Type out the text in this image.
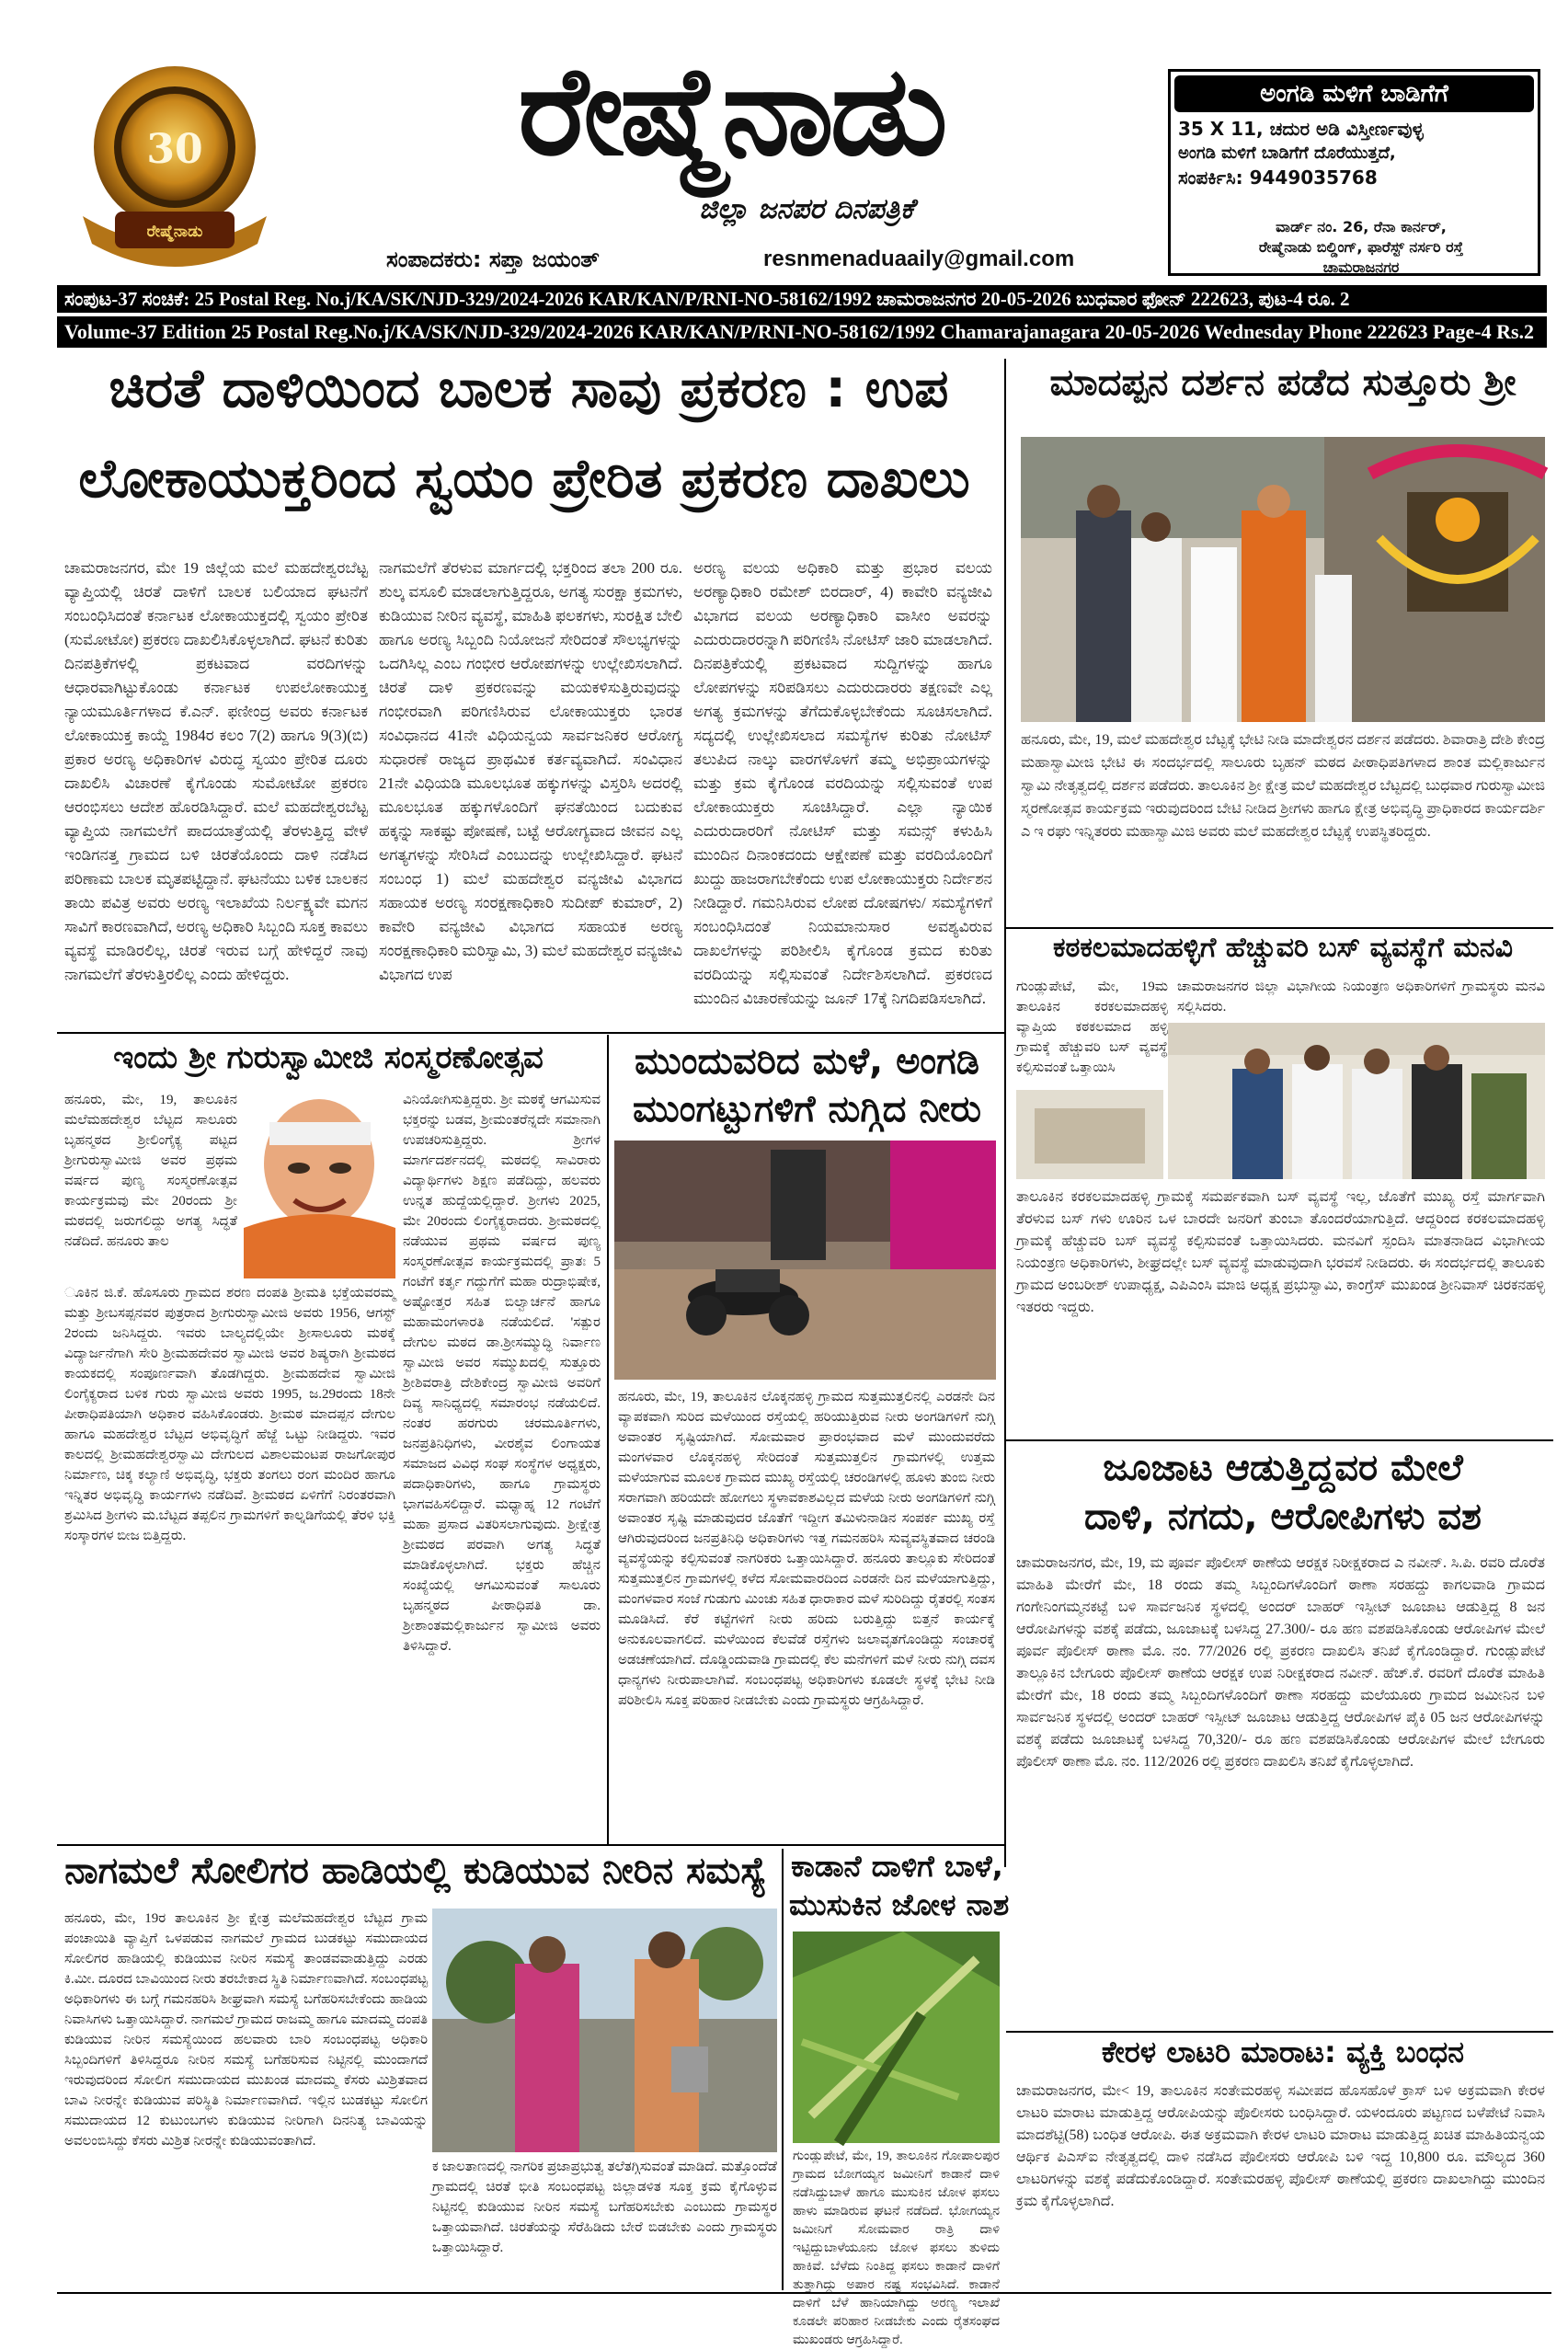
30
ರೇಷ್ಮೆನಾಡು
ರೇಷ್ಮೆನಾಡು
ಜಿಲ್ಲಾ ಜನಪರ ದಿನಪತ್ರಿಕೆ
ಸಂಪಾದಕರು: ಸಪ್ತಾ ಜಯಂತ್	resnmenaduaaily@gmail.com
ಅಂಗಡಿ ಮಳಿಗೆ ಬಾಡಿಗೆಗೆ
35 X 11, ಚದುರ ಅಡಿ ವಿಸ್ತೀರ್ಣವುಳ್ಳ
ಅಂಗಡಿ ಮಳಿಗೆ ಬಾಡಿಗೆಗೆ ದೊರೆಯುತ್ತದೆ,
ಸಂಪರ್ಕಿಸಿ: 9449035768
ವಾರ್ಡ್ ನಂ. 26, ರೆನಾ ಕಾರ್ನರ್,
ರೇಷ್ಮೆನಾಡು ಬಿಲ್ಡಿಂಗ್, ಫಾರೆಸ್ಟ್ ನರ್ಸರಿ ರಸ್ತೆ
ಚಾಮರಾಜನಗರ
ಸಂಪುಟ-37 ಸಂಚಿಕೆ: 25 Postal Reg. No.j/KA/SK/NJD-329/2024-2026 KAR/KAN/P/RNI-NO-58162/1992 ಚಾಮರಾಜನಗರ 20-05-2026 ಬುಧವಾರ ಫೋನ್ 222623, ಪುಟ-4 ರೂ. 2
Volume-37 Edition 25 Postal Reg.No.j/KA/SK/NJD-329/2024-2026 KAR/KAN/P/RNI-NO-58162/1992 Chamarajanagara 20-05-2026 Wednesday Phone 222623 Page-4 Rs.2
ಚಿರತೆ ದಾಳಿಯಿಂದ ಬಾಲಕ ಸಾವು ಪ್ರಕರಣ : ಉಪ
ಲೋಕಾಯುಕ್ತರಿಂದ ಸ್ವಯಂ ಪ್ರೇರಿತ ಪ್ರಕರಣ ದಾಖಲು
ಚಾಮರಾಜನಗರ, ಮೇ 19 ಜಿಲ್ಲೆಯ ಮಲೆ ಮಹದೇಶ್ವರಬೆಟ್ಟ ವ್ಯಾಪ್ತಿಯಲ್ಲಿ ಚಿರತೆ ದಾಳಿಗೆ ಬಾಲಕ ಬಲಿಯಾದ ಘಟನೆಗೆ ಸಂಬಂಧಿಸಿದಂತೆ ಕರ್ನಾಟಕ ಲೋಕಾಯುಕ್ತದಲ್ಲಿ ಸ್ವಯಂ ಪ್ರೇರಿತ (ಸುಮೋಟೋ) ಪ್ರಕರಣ ದಾಖಲಿಸಿಕೊಳ್ಳಲಾಗಿದೆ. ಘಟನೆ ಕುರಿತು ದಿನಪತ್ರಿಕೆಗಳಲ್ಲಿ ಪ್ರಕಟವಾದ ವರದಿಗಳನ್ನು ಆಧಾರವಾಗಿಟ್ಟುಕೊಂಡು ಕರ್ನಾಟಕ ಉಪಲೋಕಾಯುಕ್ತ ನ್ಯಾಯಮೂರ್ತಿಗಳಾದ ಕೆ.ಎನ್. ಫಣೀಂದ್ರ ಅವರು ಕರ್ನಾಟಕ ಲೋಕಾಯುಕ್ತ ಕಾಯ್ದೆ 1984ರ ಕಲಂ 7(2) ಹಾಗೂ 9(3)(ಬಿ) ಪ್ರಕಾರ ಅರಣ್ಯ ಅಧಿಕಾರಿಗಳ ವಿರುದ್ಧ ಸ್ವಯಂ ಪ್ರೇರಿತ ದೂರು ದಾಖಲಿಸಿ ವಿಚಾರಣೆ ಕೈಗೊಂಡು ಸುಮೋಟೋ ಪ್ರಕರಣ ಆರಂಭಿಸಲು ಆದೇಶ ಹೊರಡಿಸಿದ್ದಾರೆ. ಮಲೆ ಮಹದೇಶ್ವರಬೆಟ್ಟ ವ್ಯಾಪ್ತಿಯ ನಾಗಮಲೆಗೆ ಪಾದಯಾತ್ರೆಯಲ್ಲಿ ತೆರಳುತ್ತಿದ್ದ ವೇಳೆ ಇಂಡಿಗನತ್ತ ಗ್ರಾಮದ ಬಳಿ ಚಿರತೆಯೊಂದು ದಾಳಿ ನಡೆಸಿದ ಪರಿಣಾಮ ಬಾಲಕ ಮೃತಪಟ್ಟಿದ್ದಾನೆ. ಘಟನೆಯು ಬಳಿಕ ಬಾಲಕನ ತಾಯಿ ಪವಿತ್ರ ಅವರು ಅರಣ್ಯ ಇಲಾಖೆಯ ನಿರ್ಲಕ್ಷ್ಯವೇ ಮಗನ ಸಾವಿಗೆ ಕಾರಣವಾಗಿದೆ, ಅರಣ್ಯ ಅಧಿಕಾರಿ ಸಿಬ್ಬಂದಿ ಸೂಕ್ತ ಕಾವಲು ವ್ಯವಸ್ಥೆ ಮಾಡಿರಲಿಲ್ಲ, ಚಿರತೆ ಇರುವ ಬಗ್ಗೆ ಹೇಳಿದ್ದರೆ ನಾವು ನಾಗಮಲೆಗೆ ತೆರಳುತ್ತಿರಲಿಲ್ಲ ಎಂದು ಹೇಳಿದ್ದರು.
ನಾಗಮಲೆಗೆ ತೆರಳುವ ಮಾರ್ಗದಲ್ಲಿ ಭಕ್ತರಿಂದ ತಲಾ 200 ರೂ. ಶುಲ್ಕ ವಸೂಲಿ ಮಾಡಲಾಗುತ್ತಿದ್ದರೂ, ಅಗತ್ಯ ಸುರಕ್ಷಾ ಕ್ರಮಗಳು, ಕುಡಿಯುವ ನೀರಿನ ವ್ಯವಸ್ಥೆ, ಮಾಹಿತಿ ಫಲಕಗಳು, ಸುರಕ್ಷಿತ ಬೇಲಿ ಹಾಗೂ ಅರಣ್ಯ ಸಿಬ್ಬಂದಿ ನಿಯೋಜನೆ ಸೇರಿದಂತೆ ಸೌಲಭ್ಯಗಳನ್ನು ಒದಗಿಸಿಲ್ಲ ಎಂಬ ಗಂಭೀರ ಆರೋಪಗಳನ್ನು ಉಲ್ಲೇಖಿಸಲಾಗಿದೆ. ಚಿರತೆ ದಾಳಿ ಪ್ರಕರಣವನ್ನು ಮಯಕಳಿಸುತ್ತಿರುವುದನ್ನು ಗಂಭೀರವಾಗಿ ಪರಿಗಣಿಸಿರುವ ಲೋಕಾಯುಕ್ತರು ಭಾರತ ಸಂವಿಧಾನದ 41ನೇ ವಿಧಿಯನ್ವಯ ಸಾರ್ವಜನಿಕರ ಆರೋಗ್ಯ ಸುಧಾರಣೆ ರಾಜ್ಯದ ಪ್ರಾಥಮಿಕ ಕರ್ತವ್ಯವಾಗಿದೆ. ಸಂವಿಧಾನ 21ನೇ ವಿಧಿಯಡಿ ಮೂಲಭೂತ ಹಕ್ಕುಗಳನ್ನು ವಿಸ್ತರಿಸಿ ಅದರಲ್ಲಿ ಮೂಲಭೂತ ಹಕ್ಕುಗಳೊಂದಿಗೆ ಘನತೆಯಿಂದ ಬದುಕುವ ಹಕ್ಕನ್ನು ಸಾಕಷ್ಟು ಪೋಷಣೆ, ಬಟ್ಟೆ ಆರೋಗ್ಯವಾದ ಜೀವನ ಎಲ್ಲ ಅಗತ್ಯಗಳನ್ನು ಸೇರಿಸಿದೆ ಎಂಬುದನ್ನು ಉಲ್ಲೇಖಿಸಿದ್ದಾರೆ. ಘಟನೆ ಸಂಬಂಧ 1) ಮಲೆ ಮಹದೇಶ್ವರ ವನ್ಯಜೀವಿ ವಿಭಾಗದ ಸಹಾಯಕ ಅರಣ್ಯ ಸಂರಕ್ಷಣಾಧಿಕಾರಿ ಸುದೀಪ್ ಕುಮಾರ್, 2) ಕಾವೇರಿ ವನ್ಯಜೀವಿ ವಿಭಾಗದ ಸಹಾಯಕ ಅರಣ್ಯ ಸಂರಕ್ಷಣಾಧಿಕಾರಿ ಮರಿಸ್ವಾಮಿ, 3) ಮಲೆ ಮಹದೇಶ್ವರ ವನ್ಯಜೀವಿ ವಿಭಾಗದ ಉಪ
ಅರಣ್ಯ ವಲಯ ಅಧಿಕಾರಿ ಮತ್ತು ಪ್ರಭಾರ ವಲಯ ಅರಣ್ಯಾಧಿಕಾರಿ ರಮೇಶ್ ಬಿರದಾರ್, 4) ಕಾವೇರಿ ವನ್ಯಜೀವಿ ವಿಭಾಗದ ವಲಯ ಅರಣ್ಯಾಧಿಕಾರಿ ವಾಸೀಂ ಅವರನ್ನು ಎದುರುದಾರರನ್ನಾಗಿ ಪರಿಗಣಿಸಿ ನೋಟಿಸ್ ಜಾರಿ ಮಾಡಲಾಗಿದೆ. ದಿನಪತ್ರಿಕೆಯಲ್ಲಿ ಪ್ರಕಟವಾದ ಸುದ್ದಿಗಳನ್ನು ಹಾಗೂ ಲೋಪಗಳನ್ನು ಸರಿಪಡಿಸಲು ಎದುರುದಾರರು ತಕ್ಷಣವೇ ಎಲ್ಲ ಅಗತ್ಯ ಕ್ರಮಗಳನ್ನು ತೆಗೆದುಕೊಳ್ಳಬೇಕೆಂದು ಸೂಚಿಸಲಾಗಿದೆ. ಸದ್ಯದಲ್ಲಿ ಉಲ್ಲೇಖಿಸಲಾದ ಸಮಸ್ಯೆಗಳ ಕುರಿತು ನೋಟಿಸ್ ತಲುಪಿದ ನಾಲ್ಕು ವಾರಗಳೊಳಗೆ ತಮ್ಮ ಅಭಿಪ್ರಾಯಗಳನ್ನು ಮತ್ತು ಕ್ರಮ ಕೈಗೊಂಡ ವರದಿಯನ್ನು ಸಲ್ಲಿಸುವಂತೆ ಉಪ ಲೋಕಾಯುಕ್ತರು ಸೂಚಿಸಿದ್ದಾರೆ. ಎಲ್ಲಾ ನ್ಯಾಯಿಕ ಎದುರುದಾರರಿಗೆ ನೋಟಿಸ್ ಮತ್ತು ಸಮನ್ಸ್ ಕಳುಹಿಸಿ ಮುಂದಿನ ದಿನಾಂಕದಂದು ಆಕ್ಷೇಪಣೆ ಮತ್ತು ವರದಿಯೊಂದಿಗೆ ಖುದ್ದು ಹಾಜರಾಗಬೇಕೆಂದು ಉಪ ಲೋಕಾಯುಕ್ತರು ನಿರ್ದೇಶನ ನೀಡಿದ್ದಾರೆ. ಗಮನಿಸಿರುವ ಲೋಪ ದೋಷಗಳು/ ಸಮಸ್ಯೆಗಳಿಗೆ ಸಂಬಂಧಿಸಿದಂತೆ ನಿಯಮಾನುಸಾರ ಅವಶ್ಯವಿರುವ ದಾಖಲೆಗಳನ್ನು ಪರಿಶೀಲಿಸಿ ಕೈಗೊಂಡ ಕ್ರಮದ ಕುರಿತು ವರದಿಯನ್ನು ಸಲ್ಲಿಸುವಂತೆ ನಿರ್ದೇಶಿಸಲಾಗಿದೆ. ಪ್ರಕರಣದ ಮುಂದಿನ ವಿಚಾರಣೆಯನ್ನು ಜೂನ್ 17ಕ್ಕೆ ನಿಗದಿಪಡಿಸಲಾಗಿದೆ.
ಮಾದಪ್ಪನ ದರ್ಶನ ಪಡೆದ ಸುತ್ತೂರು ಶ್ರೀ
ಹನೂರು, ಮೇ, 19, ಮಲೆ ಮಹದೇಶ್ವರ ಬೆಟ್ಟಕ್ಕೆ ಭೇಟಿ ನೀಡಿ ಮಾದೇಶ್ವರನ ದರ್ಶನ ಪಡೆದರು. ಶಿವಾರಾತ್ರಿ ದೇಶಿ ಕೇಂದ್ರ ಮಹಾಸ್ವಾಮೀಜಿ ಭೇಟಿ ಈ ಸಂದರ್ಭದಲ್ಲಿ ಸಾಲೂರು ಬೃಹನ್ ಮಠದ ಪೀಠಾಧಿಪತಿಗಳಾದ ಶಾಂತ ಮಲ್ಲಿಕಾರ್ಜುನ ಸ್ವಾಮಿ ನೇತೃತ್ವದಲ್ಲಿ ದರ್ಶನ ಪಡೆದರು. ತಾಲೂಕಿನ ಶ್ರೀ ಕ್ಷೇತ್ರ ಮಲೆ ಮಹದೇಶ್ವರ ಬೆಟ್ಟದಲ್ಲಿ ಬುಧವಾರ ಗುರುಸ್ವಾಮೀಜಿ ಸ್ಮರಣೋತ್ಸವ ಕಾರ್ಯಕ್ರಮ ಇರುವುದರಿಂದ ಬೇಟಿ ನೀಡಿದ ಶ್ರೀಗಳು ಹಾಗೂ ಕ್ಷೇತ್ರ ಅಭಿವೃದ್ಧಿ ಪ್ರಾಧಿಕಾರದ ಕಾರ್ಯದರ್ಶಿ ಎ ಇ ರಘು ಇನ್ನಿತರರು ಮಹಾಸ್ವಾಮಿಜಿ ಅವರು ಮಲೆ ಮಹದೇಶ್ವರ ಬೆಟ್ಟಕ್ಕೆ ಉಪಸ್ಥಿತರಿದ್ದರು.
ಕಠಕಲಮಾದಹಳ್ಳಿಗೆ ಹೆಚ್ಚುವರಿ ಬಸ್ ವ್ಯವಸ್ಥೆಗೆ ಮನವಿ
ಗುಂಡ್ಲುಪೇಟೆ, ಮೇ, 19ಮ ತಾಲೂಕಿನ ಕರಕಲಮಾದಹಳ್ಳಿ ವ್ಯಾಪ್ತಿಯ ಕಠಕಲಮಾದ ಹಳ್ಳಿ ಗ್ರಾಮಕ್ಕೆ ಹೆಚ್ಚುವರಿ ಬಸ್ ವ್ಯವಸ್ಥೆ ಕಲ್ಪಿಸುವಂತೆ ಒತ್ತಾಯಿಸಿ
ಚಾಮರಾಜನಗರ ಜಿಲ್ಲಾ ವಿಭಾಗೀಯ ನಿಯಂತ್ರಣ ಅಧಿಕಾರಿಗಳಿಗೆ ಗ್ರಾಮಸ್ಥರು ಮನವಿ ಸಲ್ಲಿಸಿದರು.
ತಾಲೂಕಿನ ಕರಕಲಮಾದಹಳ್ಳಿ ಗ್ರಾಮಕ್ಕೆ ಸಮರ್ಪಕವಾಗಿ ಬಸ್ ವ್ಯವಸ್ಥೆ ಇಲ್ಲ, ಜೊತೆಗೆ ಮುಖ್ಯ ರಸ್ತೆ ಮಾರ್ಗವಾಗಿ ತೆರಳುವ ಬಸ್ ಗಳು ಊರಿನ ಒಳ ಬಾರದೇ ಜನರಿಗೆ ತುಂಬಾ ತೊಂದರೆಯಾಗುತ್ತಿದೆ. ಆದ್ದರಿಂದ ಕರಕಲಮಾದಹಳ್ಳಿ ಗ್ರಾಮಕ್ಕೆ ಹೆಚ್ಚುವರಿ ಬಸ್ ವ್ಯವಸ್ಥೆ ಕಲ್ಪಿಸುವಂತೆ ಒತ್ತಾಯಿಸಿದರು. ಮನವಿಗೆ ಸ್ಪಂದಿಸಿ ಮಾತನಾಡಿದ ವಿಭಾಗೀಯ ನಿಯಂತ್ರಣ ಅಧಿಕಾರಿಗಳು, ಶೀಘ್ರದಲ್ಲೇ ಬಸ್ ವ್ಯವಸ್ಥೆ ಮಾಡುವುದಾಗಿ ಭರವಸೆ ನೀಡಿದರು. ಈ ಸಂದರ್ಭದಲ್ಲಿ ತಾಲೂಕು ಗ್ರಾಮದ ಅಂಬರೀಶ್ ಉಪಾಧ್ಯಕ್ಷ, ಎಪಿಎಂಸಿ ಮಾಜಿ ಅಧ್ಯಕ್ಷ ಪ್ರಭುಸ್ವಾಮಿ, ಕಾಂಗ್ರೆಸ್ ಮುಖಂಡ ಶ್ರೀನಿವಾಸ್ ಚಿರಕನಹಳ್ಳಿ ಇತರರು ಇದ್ದರು.
ಇಂದು ಶ್ರೀ ಗುರುಸ್ವಾಮೀಜಿ ಸಂಸ್ಮರಣೋತ್ಸವ
ಹನೂರು, ಮೇ, 19, ತಾಲೂಕಿನ ಮಲೆಮಹದೇಶ್ವರ ಬೆಟ್ಟದ ಸಾಲೂರು ಬೃಹನ್ಮಠದ ಶ್ರೀಲಿಂಗೈಕ್ಯ ಪಟ್ಟದ ಶ್ರೀಗುರುಸ್ವಾಮೀಜಿ ಅವರ ಪ್ರಥಮ ವರ್ಷದ ಪುಣ್ಯ ಸಂಸ್ಮರಣೋತ್ಸವ ಕಾರ್ಯಕ್ರಮವು ಮೇ 20ರಂದು ಶ್ರೀ ಮಠದಲ್ಲಿ ಜರುಗಲಿದ್ದು ಅಗತ್ಯ ಸಿದ್ಧತೆ ನಡೆದಿದೆ. ಹನೂರು ತಾಲ
ೂಕಿನ ಜಿ.ಕೆ. ಹೊಸೂರು ಗ್ರಾಮದ ಶರಣ ದಂಪತಿ ಶ್ರೀಮತಿ ಭಕ್ತೆಯವರಮ್ಮ ಮತ್ತು ಶ್ರೀಬಸಪ್ಪನವರ ಪುತ್ರರಾದ ಶ್ರೀಗುರುಸ್ವಾಮೀಜಿ ಅವರು 1956, ಆಗಸ್ಟ್ 2ರಂದು ಜನಿಸಿದ್ದರು. ಇವರು ಬಾಲ್ಯದಲ್ಲಿಯೇ ಶ್ರೀಸಾಲೂರು ಮಠಕ್ಕೆ ವಿದ್ಯಾರ್ಜನೆಗಾಗಿ ಸೇರಿ ಶ್ರೀಮಹದೇವರ ಸ್ವಾಮೀಜಿ ಅವರ ಶಿಷ್ಯರಾಗಿ ಶ್ರೀಮಠದ ಕಾಯಕದಲ್ಲಿ ಸಂಪೂರ್ಣವಾಗಿ ತೊಡಗಿದ್ದರು. ಶ್ರೀಮಹದೇವ ಸ್ವಾಮೀಜಿ ಲಿಂಗೈಕ್ಯರಾದ ಬಳಿಕ ಗುರು ಸ್ವಾಮೀಜಿ ಅವರು 1995, ಜ.29ರಂದು 18ನೇ ಪೀಠಾಧಿಪತಿಯಾಗಿ ಅಧಿಕಾರ ವಹಿಸಿಕೊಂಡರು. ಶ್ರೀಮಠ ಮಾದಪ್ಪನ ದೇಗುಲ ಹಾಗೂ ಮಹದೇಶ್ವರ ಬೆಟ್ಟದ ಅಭಿವೃದ್ಧಿಗೆ ಹೆಜ್ಜೆ ಒಟ್ಟು ನೀಡಿದ್ದರು. ಇವರ ಕಾಲದಲ್ಲಿ ಶ್ರೀಮಹದೇಶ್ವರಸ್ವಾಮಿ ದೇಗುಲದ ವಿಶಾಲಮಂಟಪ ರಾಜಗೋಪುರ ನಿರ್ಮಾಣ, ಚಿಕ್ಕ ಕಲ್ಯಾಣಿ ಅಭಿವೃದ್ಧಿ, ಭಕ್ತರು ತಂಗಲು ರಂಗ ಮಂದಿರ ಹಾಗೂ ಇನ್ನಿತರ ಅಭಿವೃದ್ಧಿ ಕಾರ್ಯಗಳು ನಡೆದಿವೆ. ಶ್ರೀಮಠದ ಏಳಿಗೆಗೆ ನಿರಂತರವಾಗಿ ಶ್ರಮಿಸಿದ ಶ್ರೀಗಳು ಮ.ಬೆಟ್ಟದ ತಪ್ಪಲಿನ ಗ್ರಾಮಗಳಿಗೆ ಕಾಲ್ನಡಿಗೆಯಲ್ಲಿ ತೆರಳಿ ಭಕ್ತಿ ಸಂಸ್ಕಾರಗಳ ಬೀಜ ಬಿತ್ತಿದ್ದರು.
ವಿನಿಯೋಗಿಸುತ್ತಿದ್ದರು. ಶ್ರೀ ಮಠಕ್ಕೆ ಆಗಮಿಸುವ ಭಕ್ತರನ್ನು ಬಡವ, ಶ್ರೀಮಂತರೆನ್ನದೇ ಸಮಾನಾಗಿ ಉಪಚರಿಸುತ್ತಿದ್ದರು. ಶ್ರೀಗಳ ಮಾರ್ಗದರ್ಶನದಲ್ಲಿ ಮಠದಲ್ಲಿ ಸಾವಿರಾರು ವಿದ್ಯಾರ್ಥಿಗಳು ಶಿಕ್ಷಣ ಪಡೆದಿದ್ದು, ಹಲವರು ಉನ್ನತ ಹುದ್ದೆಯಲ್ಲಿದ್ದಾರೆ. ಶ್ರೀಗಳು 2025, ಮೇ 20ರಂದು ಲಿಂಗೈಕ್ಯರಾದರು. ಶ್ರೀಮಠದಲ್ಲಿ ನಡೆಯುವ ಪ್ರಥಮ ವರ್ಷದ ಪುಣ್ಯ ಸಂಸ್ಮರಣೋತ್ಸವ ಕಾರ್ಯಕ್ರಮದಲ್ಲಿ ಪ್ರಾತಃ 5 ಗಂಟೆಗೆ ಕರ್ತೃ ಗದ್ದುಗೆಗೆ ಮಹಾ ರುದ್ರಾಭಿಷೇಕ, ಅಷ್ಟೋತ್ತರ ಸಹಿತ ಬಿಲ್ವಾರ್ಚನೆ ಹಾಗೂ ಮಹಾಮಂಗಳಾರತಿ ನಡೆಯಲಿದೆ. 'ಸತ್ಪುರ ದೇಗುಲ ಮಠದ ಡಾ.ಶ್ರೀಸಮ್ಮುದ್ಧಿ ನಿರ್ವಾಣ ಸ್ವಾಮೀಜಿ ಅವರ ಸಮ್ಮುಖದಲ್ಲಿ ಸುತ್ತೂರು ಶ್ರೀಶಿವರಾತ್ರಿ ದೇಶಿಕೇಂದ್ರ ಸ್ವಾಮೀಜಿ ಅವರಿಗೆ ದಿವ್ಯ ಸಾನಿಧ್ಯದಲ್ಲಿ ಸಮಾರಂಭ ನಡೆಯಲಿದೆ. ನಂತರ ಹರಗುರು ಚರಮೂರ್ತಿಗಳು, ಜನಪ್ರತಿನಿಧಿಗಳು, ವೀರಶೈವ ಲಿಂಗಾಯತ ಸಮಾಜದ ವಿವಿಧ ಸಂಘ ಸಂಸ್ಥೆಗಳ ಅಧ್ಯಕ್ಷರು, ಪದಾಧಿಕಾರಿಗಳು, ಹಾಗೂ ಗ್ರಾಮಸ್ಥರು ಭಾಗವಹಿಸಲಿದ್ದಾರೆ. ಮಧ್ಯಾಹ್ನ 12 ಗಂಟೆಗೆ ಮಹಾ ಪ್ರಸಾದ ವಿತರಿಸಲಾಗುವುದು. ಶ್ರೀಕ್ಷೇತ್ರ ಶ್ರೀಮಠದ ಪರವಾಗಿ ಅಗತ್ಯ ಸಿದ್ಧತೆ ಮಾಡಿಕೊಳ್ಳಲಾಗಿದೆ. ಭಕ್ತರು ಹೆಚ್ಚಿನ ಸಂಖ್ಯೆಯಲ್ಲಿ ಆಗಮಿಸುವಂತೆ ಸಾಲೂರು ಬೃಹನ್ಮಠದ ಪೀಠಾಧಿಪತಿ ಡಾ. ಶ್ರೀಶಾಂತಮಲ್ಲಿಕಾರ್ಜುನ ಸ್ವಾಮೀಜಿ ಅವರು ತಿಳಿಸಿದ್ದಾರೆ.
ಮುಂದುವರಿದ ಮಳೆ, ಅಂಗಡಿ
ಮುಂಗಟ್ಟುಗಳಿಗೆ ನುಗ್ಗಿದ ನೀರು
ಹನೂರು, ಮೇ, 19, ತಾಲೂಕಿನ ಲೊಕ್ಕನಹಳ್ಳಿ ಗ್ರಾಮದ ಸುತ್ತಮುತ್ತಲಿನಲ್ಲಿ ಎರಡನೇ ದಿನ ವ್ಯಾಪಕವಾಗಿ ಸುರಿದ ಮಳೆಯಿಂದ ರಸ್ತೆಯಲ್ಲಿ ಹರಿಯುತ್ತಿರುವ ನೀರು ಅಂಗಡಿಗಳಿಗೆ ನುಗ್ಗಿ ಅವಾಂತರ ಸೃಷ್ಟಿಯಾಗಿದೆ. ಸೋಮವಾರ ಪ್ರಾರಂಭವಾದ ಮಳೆ ಮುಂದುವರೆದು ಮಂಗಳವಾರ ಲೊಕ್ಕನಹಳ್ಳಿ ಸೇರಿದಂತೆ ಸುತ್ತಮುತ್ತಲಿನ ಗ್ರಾಮಗಳಲ್ಲಿ ಉತ್ತಮ ಮಳೆಯಾಗುವ ಮೂಲಕ ಗ್ರಾಮದ ಮುಖ್ಯ ರಸ್ತೆಯಲ್ಲಿ ಚರಂಡಿಗಳಲ್ಲಿ ಹೂಳು ತುಂಬಿ ನೀರು ಸರಾಗವಾಗಿ ಹರಿಯದೇ ಹೋಗಲು ಸ್ಥಳಾವಕಾಶವಿಲ್ಲದ ಮಳೆಯ ನೀರು ಅಂಗಡಿಗಳಿಗೆ ನುಗ್ಗಿ ಅವಾಂತರ ಸೃಷ್ಟಿ ಮಾಡುವುದರ ಜೊತೆಗೆ ಇದ್ದೀಗ ತಮಿಳುನಾಡಿನ ಸಂಪರ್ಕ ಮುಖ್ಯ ರಸ್ತೆ ಆಗಿರುವುದರಿಂದ ಜನಪ್ರತಿನಿಧಿ ಅಧಿಕಾರಿಗಳು ಇತ್ತ ಗಮನಹರಿಸಿ ಸುವ್ಯವಸ್ಥಿತವಾದ ಚರಂಡಿ ವ್ಯವಸ್ಥೆಯನ್ನು ಕಲ್ಪಿಸುವಂತೆ ನಾಗರಿಕರು ಒತ್ತಾಯಿಸಿದ್ದಾರೆ. ಹನೂರು ತಾಲ್ಲೂಕು ಸೇರಿದಂತೆ ಸುತ್ತಮುತ್ತಲಿನ ಗ್ರಾಮಗಳಲ್ಲಿ ಕಳೆದ ಸೋಮವಾರದಿಂದ ಎರಡನೇ ದಿನ ಮಳೆಯಾಗುತ್ತಿದ್ದು, ಮಂಗಳವಾರ ಸಂಜೆ ಗುಡುಗು ಮಿಂಚು ಸಹಿತ ಧಾರಾಕಾರ ಮಳೆ ಸುರಿದಿದ್ದು ರೈತರಲ್ಲಿ ಸಂತಸ ಮೂಡಿಸಿದೆ. ಕೆರೆ ಕಟ್ಟೆಗಳಿಗೆ ನೀರು ಹರಿದು ಬರುತ್ತಿದ್ದು ಬಿತ್ತನೆ ಕಾರ್ಯಕ್ಕೆ ಅನುಕೂಲವಾಗಲಿದೆ. ಮಳೆಯಿಂದ ಕೆಲವೆಡೆ ರಸ್ತೆಗಳು ಜಲಾವೃತಗೊಂಡಿದ್ದು ಸಂಚಾರಕ್ಕೆ ಅಡಚಣೆಯಾಗಿದೆ. ದೊಡ್ಡಿಂದುವಾಡಿ ಗ್ರಾಮದಲ್ಲಿ ಕೆಲ ಮನೆಗಳಿಗೆ ಮಳೆ ನೀರು ನುಗ್ಗಿ ದವಸ ಧಾನ್ಯಗಳು ನೀರುಪಾಲಾಗಿವೆ. ಸಂಬಂಧಪಟ್ಟ ಅಧಿಕಾರಿಗಳು ಕೂಡಲೇ ಸ್ಥಳಕ್ಕೆ ಭೇಟಿ ನೀಡಿ ಪರಿಶೀಲಿಸಿ ಸೂಕ್ತ ಪರಿಹಾರ ನೀಡಬೇಕು ಎಂದು ಗ್ರಾಮಸ್ಥರು ಆಗ್ರಹಿಸಿದ್ದಾರೆ.
ಜೂಜಾಟ ಆಡುತ್ತಿದ್ದವರ ಮೇಲೆ
ದಾಳಿ, ನಗದು, ಆರೋಪಿಗಳು ವಶ
ಚಾಮರಾಜನಗರ, ಮೇ, 19, ಮ ಪೂರ್ವ ಪೊಲೀಸ್ ಠಾಣೆಯ ಆರಕ್ಷಕ ನಿರೀಕ್ಷಕರಾದ ಎ ನವೀನ್. ಸಿ.ಪಿ. ರವರಿ ದೊರೆತ ಮಾಹಿತಿ ಮೇರೆಗೆ ಮೇ, 18 ರಂದು ತಮ್ಮ ಸಿಬ್ಬಂದಿಗಳೊಂದಿಗೆ ಠಾಣಾ ಸರಹದ್ದು ಕಾಗಲವಾಡಿ ಗ್ರಾಮದ ಗಂಗೇನಿಂಗಮ್ಮನಕಟ್ಟೆ ಬಳಿ ಸಾರ್ವಜನಿಕ ಸ್ಥಳದಲ್ಲಿ ಅಂದರ್ ಬಾಹರ್ ಇಸ್ಪೀಟ್ ಜೂಜಾಟ ಆಡುತ್ತಿದ್ದ 8 ಜನ ಆರೋಪಿಗಳನ್ನು ವಶಕ್ಕೆ ಪಡೆದು, ಜೂಜಾಟಕ್ಕೆ ಬಳಸಿದ್ದ 27.300/- ರೂ ಹಣ ವಶಪಡಿಸಿಕೊಂಡು ಆರೋಪಿಗಳ ಮೇಲೆ ಪೂರ್ವ ಪೊಲೀಸ್ ಠಾಣಾ ಮೊ. ನಂ. 77/2026 ರಲ್ಲಿ ಪ್ರಕರಣ ದಾಖಲಿಸಿ ತನಿಖೆ ಕೈಗೊಂಡಿದ್ದಾರೆ. ಗುಂಡ್ಲುಪೇಟೆ ತಾಲ್ಲೂಕಿನ ಬೇಗೂರು ಪೊಲೀಸ್ ಠಾಣೆಯ ಆರಕ್ಷಕ ಉಪ ನಿರೀಕ್ಷಕರಾದ ನವೀನ್. ಹೆಚ್.ಕೆ. ರವರಿಗೆ ದೊರೆತ ಮಾಹಿತಿ ಮೇರೆಗೆ ಮೇ, 18 ರಂದು ತಮ್ಮ ಸಿಬ್ಬಂದಿಗಳೊಂದಿಗೆ ಠಾಣಾ ಸರಹದ್ದು ಮಲೆಯೂರು ಗ್ರಾಮದ ಜಮೀನಿನ ಬಳಿ ಸಾರ್ವಜನಿಕ ಸ್ಥಳದಲ್ಲಿ ಅಂದರ್ ಬಾಹರ್ ಇಸ್ಪೀಟ್ ಜೂಜಾಟ ಆಡುತ್ತಿದ್ದ ಆರೋಪಿಗಳ ಪೈಕಿ 05 ಜನ ಆರೋಪಿಗಳನ್ನು ವಶಕ್ಕೆ ಪಡೆದು ಜೂಜಾಟಕ್ಕೆ ಬಳಸಿದ್ದ 70,320/- ರೂ ಹಣ ವಶಪಡಿಸಿಕೊಂಡು ಆರೋಪಿಗಳ ಮೇಲೆ ಬೇಗೂರು ಪೊಲೀಸ್ ಠಾಣಾ ಮೊ. ನಂ. 112/2026 ರಲ್ಲಿ ಪ್ರಕರಣ ದಾಖಲಿಸಿ ತನಿಖೆ ಕೈಗೊಳ್ಳಲಾಗಿದೆ.
ನಾಗಮಲೆ ಸೋಲಿಗರ ಹಾಡಿಯಲ್ಲಿ ಕುಡಿಯುವ ನೀರಿನ ಸಮಸ್ಯೆ
ಹನೂರು, ಮೇ, 19ರ ತಾಲೂಕಿನ ಶ್ರೀ ಕ್ಷೇತ್ರ ಮಲೆಮಹದೇಶ್ವರ ಬೆಟ್ಟದ ಗ್ರಾಮ ಪಂಚಾಯಿತಿ ವ್ಯಾಪ್ತಿಗೆ ಒಳಪಡುವ ನಾಗಮಲೆ ಗ್ರಾಮದ ಬುಡಕಟ್ಟು ಸಮುದಾಯದ ಸೋಲಿಗರ ಹಾಡಿಯಲ್ಲಿ ಕುಡಿಯುವ ನೀರಿನ ಸಮಸ್ಯೆ ತಾಂಡವವಾಡುತ್ತಿದ್ದು ಎರಡು ಕಿ.ಮೀ. ದೂರದ ಬಾವಿಯಿಂದ ನೀರು ತರಬೇಕಾದ ಸ್ಥಿತಿ ನಿರ್ಮಾಣವಾಗಿದೆ. ಸಂಬಂಧಪಟ್ಟ ಅಧಿಕಾರಿಗಳು ಈ ಬಗ್ಗೆ ಗಮನಹರಿಸಿ ಶೀಘ್ರವಾಗಿ ಸಮಸ್ಯೆ ಬಗೆಹರಿಸಬೇಕೆಂದು ಹಾಡಿಯ ನಿವಾಸಿಗಳು ಒತ್ತಾಯಿಸಿದ್ದಾರೆ. ನಾಗಮಲೆ ಗ್ರಾಮದ ರಾಜಮ್ಮ ಹಾಗೂ ಮಾದಮ್ಮ ದಂಪತಿ ಕುಡಿಯುವ ನೀರಿನ ಸಮಸ್ಯೆಯಿಂದ ಹಲವಾರು ಬಾರಿ ಸಂಬಂಧಪಟ್ಟ ಅಧಿಕಾರಿ ಸಿಬ್ಬಂದಿಗಳಿಗೆ ತಿಳಿಸಿದ್ದರೂ ನೀರಿನ ಸಮಸ್ಯೆ ಬಗೆಹರಿಸುವ ನಿಟ್ಟಿನಲ್ಲಿ ಮುಂದಾಗದೆ ಇರುವುದರಿಂದ ಸೋಲಿಗ ಸಮುದಾಯದ ಮುಖಂಡ ಮಾದಮ್ಮ ಕೆಸರು ಮಿಶ್ರಿತವಾದ ಬಾವಿ ನೀರನ್ನೇ ಕುಡಿಯುವ ಪರಿಸ್ಥಿತಿ ನಿರ್ಮಾಣವಾಗಿದೆ. ಇಲ್ಲಿನ ಬುಡಕಟ್ಟು ಸೋಲಿಗ ಸಮುದಾಯದ 12 ಕುಟುಂಬಗಳು ಕುಡಿಯುವ ನೀರಿಗಾಗಿ ದಿನನಿತ್ಯ ಬಾವಿಯನ್ನು ಅವಲಂಬಿಸಿದ್ದು ಕೆಸರು ಮಿಶ್ರಿತ ನೀರನ್ನೇ ಕುಡಿಯುವಂತಾಗಿದೆ.
ಕ ಜಾಲತಾಣದಲ್ಲಿ ನಾಗರಿಕ ಪ್ರಜಾಪ್ರಭುತ್ವ ತಲೆತಗ್ಗಿಸುವಂತೆ ಮಾಡಿದೆ. ಮತ್ತೊಂದೆಡೆ ಗ್ರಾಮದಲ್ಲಿ ಚಿರತೆ ಭೀತಿ ಸಂಬಂಧಪಟ್ಟ ಜಿಲ್ಲಾಡಳಿತ ಸೂಕ್ತ ಕ್ರಮ ಕೈಗೊಳ್ಳುವ ನಿಟ್ಟಿನಲ್ಲಿ ಕುಡಿಯುವ ನೀರಿನ ಸಮಸ್ಯೆ ಬಗೆಹರಿಸಬೇಕು ಎಂಬುದು ಗ್ರಾಮಸ್ಥರ ಒತ್ತಾಯವಾಗಿದೆ. ಚಿರತೆಯನ್ನು ಸೆರೆಹಿಡಿದು ಬೇರೆ ಬಿಡಬೇಕು ಎಂದು ಗ್ರಾಮಸ್ಥರು ಒತ್ತಾಯಿಸಿದ್ದಾರೆ.
ಕಾಡಾನೆ ದಾಳಿಗೆ ಬಾಳೆ,
ಮುಸುಕಿನ ಜೋಳ ನಾಶ
ಗುಂಡ್ಲುಪೇಟೆ, ಮೇ, 19, ತಾಲೂಕಿನ ಗೋಪಾಲಪುರ ಗ್ರಾಮದ ಬೋಗಯ್ಯನ ಜಮೀನಿಗೆ ಕಾಡಾನೆ ದಾಳಿ ನಡೆಸಿದ್ದುಬಾಳೆ ಹಾಗೂ ಮುಸುಕಿನ ಜೋಳ ಫಸಲು ಹಾಳು ಮಾಡಿರುವ ಘಟನೆ ನಡೆದಿದೆ. ಭೋಗಯ್ಯನ ಜಮೀನಿಗೆ ಸೋಮವಾರ ರಾತ್ರಿ ದಾಳಿ ಇಟ್ಟಿದ್ದುಬಾಳೆಯೂನು ಜೋಳ ಫಸಲು ತುಳಿದು ಹಾಕಿವೆ. ಬೆಳೆದು ನಿಂತಿದ್ದ ಫಸಲು ಕಾಡಾನೆ ದಾಳಿಗೆ ತುತ್ತಾಗಿದ್ದು ಅಪಾರ ನಷ್ಟ ಸಂಭವಿಸಿದೆ. ಕಾಡಾನೆ ದಾಳಿಗೆ ಬೆಳೆ ಹಾನಿಯಾಗಿದ್ದು ಅರಣ್ಯ ಇಲಾಖೆ ಕೂಡಲೇ ಪರಿಹಾರ ನೀಡಬೇಕು ಎಂದು ರೈತಸಂಘದ ಮುಖಂಡರು ಆಗ್ರಹಿಸಿದ್ದಾರೆ.
ಕೇರಳ ಲಾಟರಿ ಮಾರಾಟ: ವ್ಯಕ್ತಿ ಬಂಧನ
ಚಾಮರಾಜನಗರ, ಮೇ< 19, ತಾಲೂಕಿನ ಸಂತೇಮರಹಳ್ಳಿ ಸಮೀಪದ ಹೊಸಹೊಳೆ ಕ್ರಾಸ್ ಬಳಿ ಅಕ್ರಮವಾಗಿ ಕೇರಳ ಲಾಟರಿ ಮಾರಾಟ ಮಾಡುತ್ತಿದ್ದ ಆರೋಪಿಯನ್ನು ಪೊಲೀಸರು ಬಂಧಿಸಿದ್ದಾರೆ. ಯಳಂದೂರು ಪಟ್ಟಣದ ಬಳೆಪೇಟೆ ನಿವಾಸಿ ಮಾದಶೆಟ್ಟಿ(58) ಬಂಧಿತ ಆರೋಪಿ. ಈತ ಅಕ್ರಮವಾಗಿ ಕೇರಳ ಲಾಟರಿ ಮಾರಾಟ ಮಾಡುತ್ತಿದ್ದ ಖಚಿತ ಮಾಹಿತಿಯನ್ವಯ ಆರ್ಥಿಕ ಪಿಎಸ್‌ಐ ನೇತೃತ್ವದಲ್ಲಿ ದಾಳಿ ನಡೆಸಿದ ಪೊಲೀಸರು ಆರೋಪಿ ಬಳಿ ಇದ್ದ 10,800 ರೂ. ಮೌಲ್ಯದ 360 ಲಾಟರಿಗಳನ್ನು ವಶಕ್ಕೆ ಪಡೆದುಕೊಂಡಿದ್ದಾರೆ. ಸಂತೇಮರಹಳ್ಳಿ ಪೊಲೀಸ್ ಠಾಣೆಯಲ್ಲಿ ಪ್ರಕರಣ ದಾಖಲಾಗಿದ್ದು ಮುಂದಿನ ಕ್ರಮ ಕೈಗೊಳ್ಳಲಾಗಿದೆ.
